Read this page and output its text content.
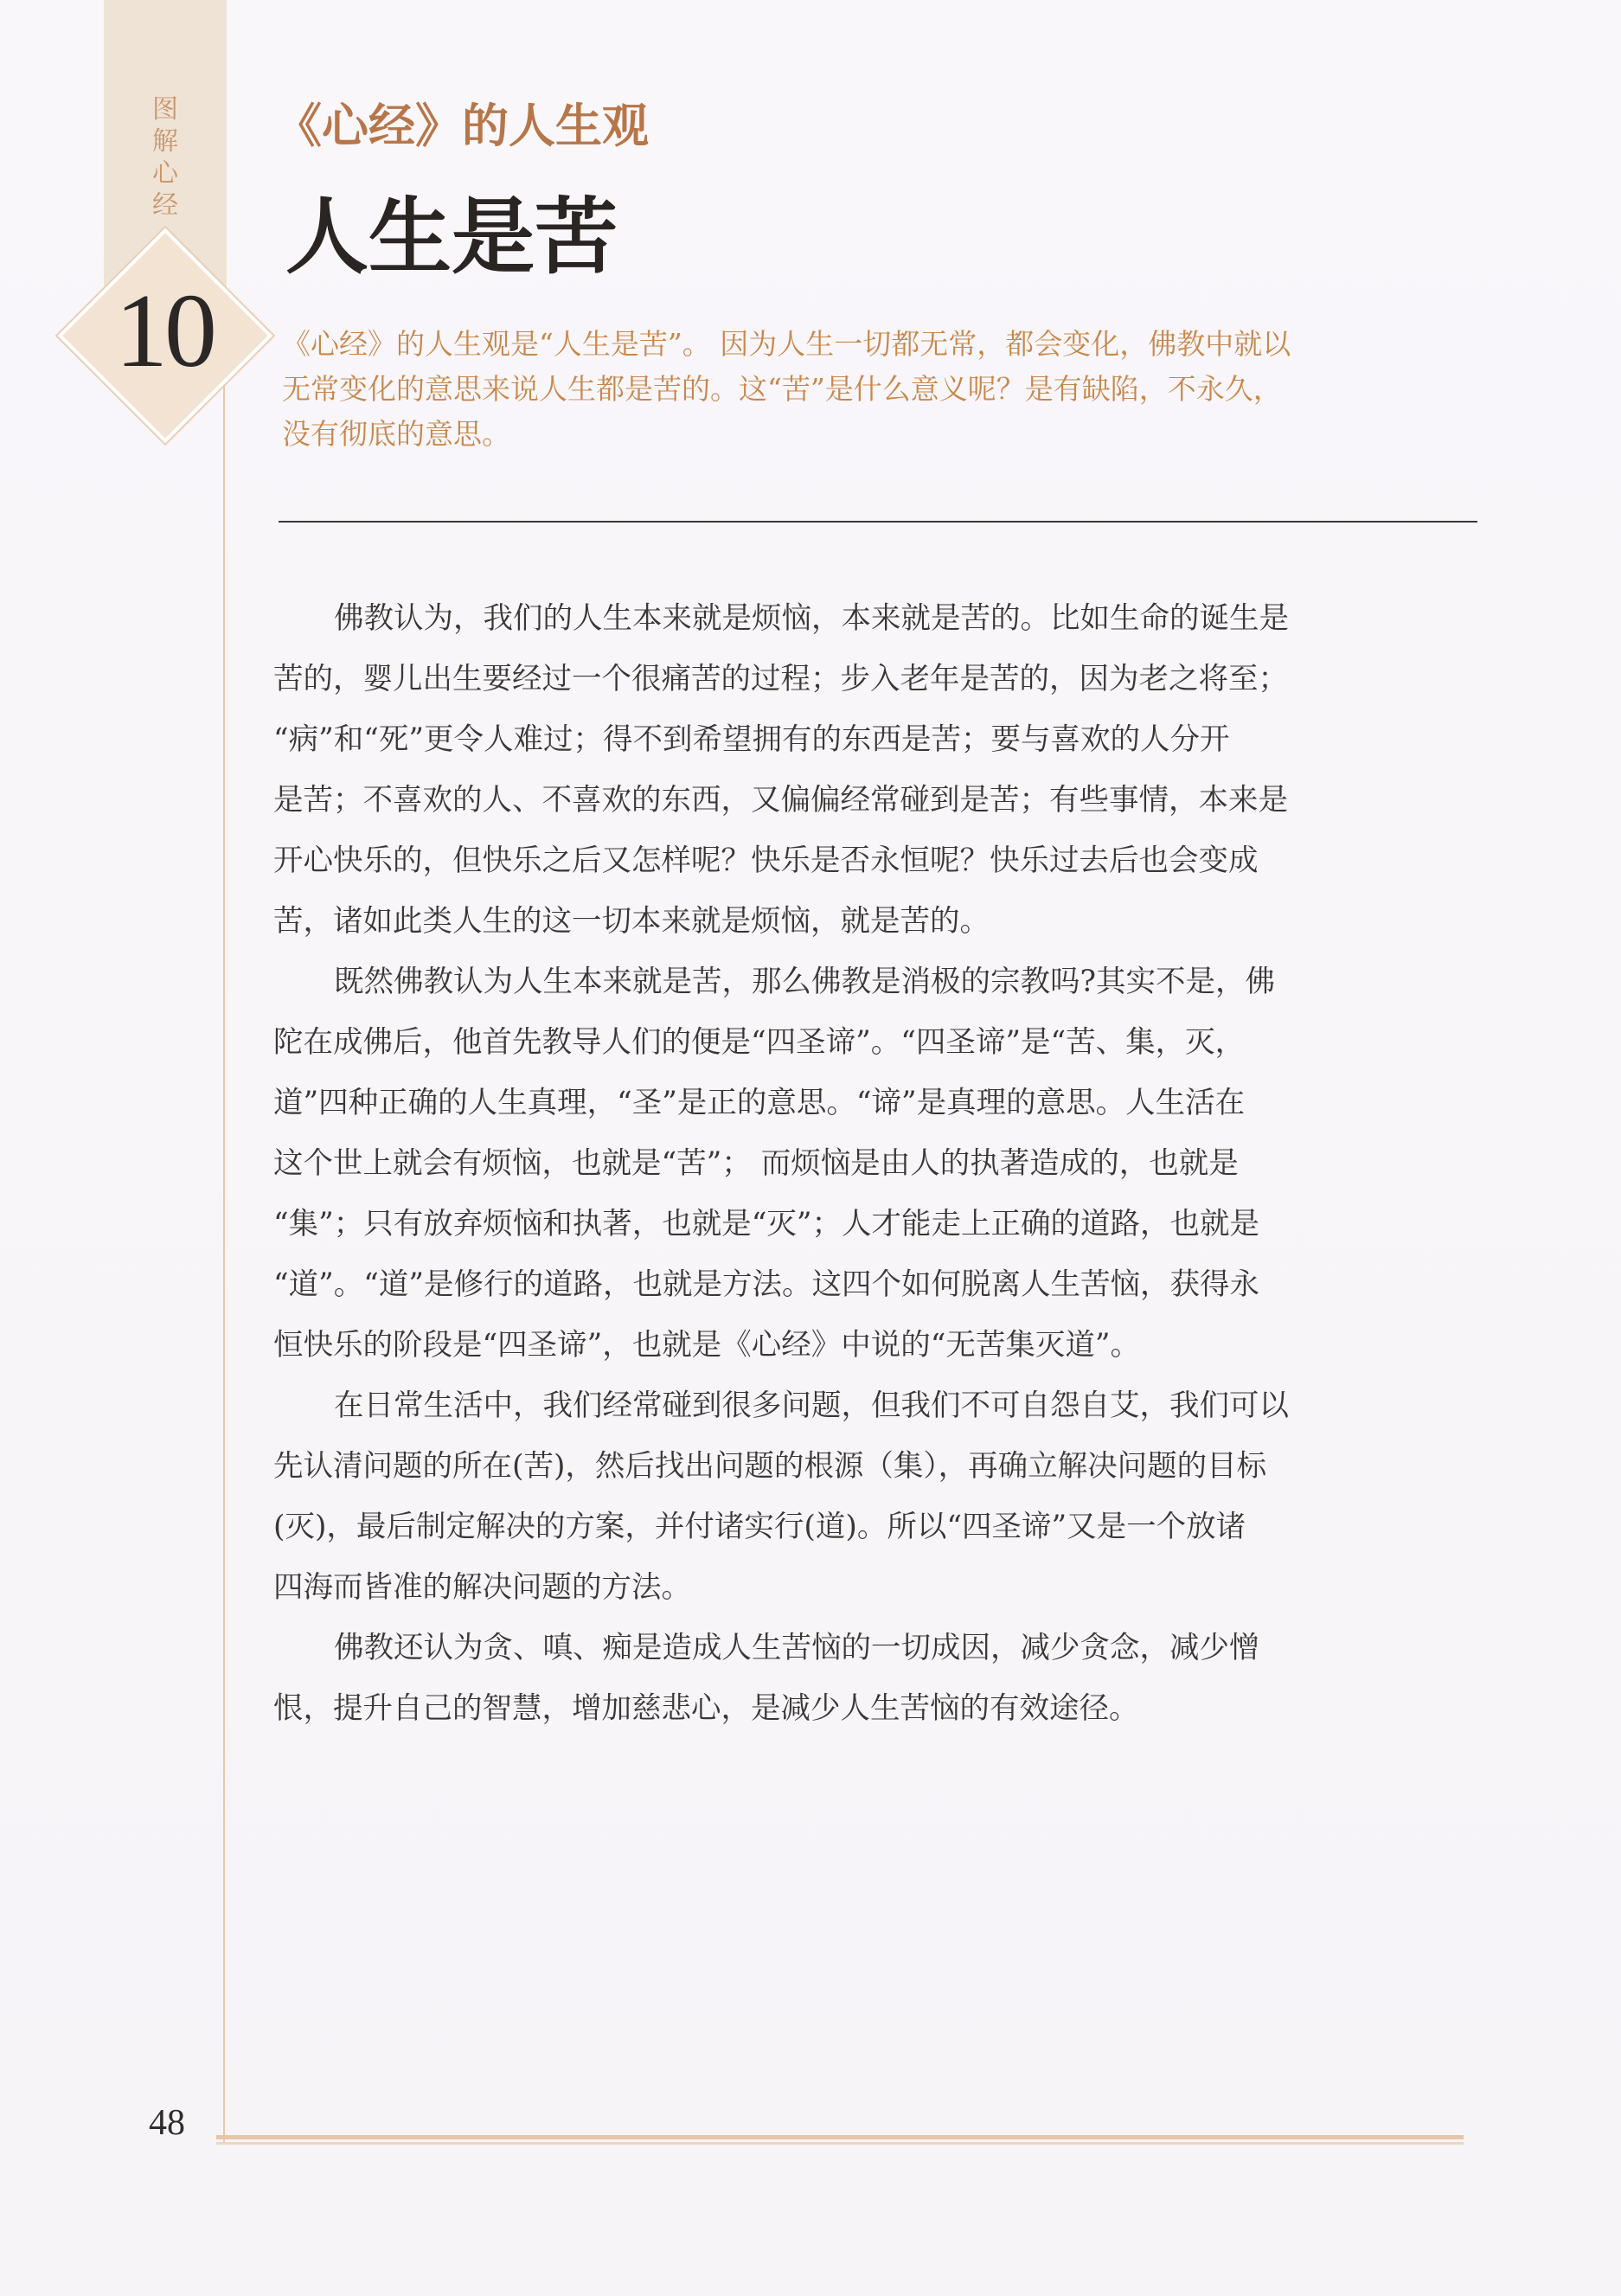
图
解
心
经
10
《心经》的人生观
人生是苦

《心经》的人生观是“人生是苦”。 因为人生一切都无常，都会变化，佛教中就以

无常变化的意思来说人生都是苦的。这“苦”是什么意义呢？是有缺陷，不永久，

没有彻底的意思。

佛教认为，我们的人生本来就是烦恼，本来就是苦的。比如生命的诞生是

苦的，婴儿出生要经过一个很痛苦的过程；步入老年是苦的，因为老之将至；

“病”和“死”更令人难过；得不到希望拥有的东西是苦；要与喜欢的人分开

是苦；不喜欢的人、不喜欢的东西，又偏偏经常碰到是苦；有些事情，本来是

开心快乐的，但快乐之后又怎样呢？快乐是否永恒呢？快乐过去后也会变成

苦，诸如此类人生的这一切本来就是烦恼，就是苦的。

既然佛教认为人生本来就是苦，那么佛教是消极的宗教吗?其实不是，佛

陀在成佛后，他首先教导人们的便是“四圣谛”。“四圣谛”是“苦、集，灭，

道”四种正确的人生真理，“圣”是正的意思。“谛”是真理的意思。人生活在

这个世上就会有烦恼，也就是“苦”； 而烦恼是由人的执著造成的，也就是

“集”；只有放弃烦恼和执著，也就是“灭”；人才能走上正确的道路，也就是

“道”。“道”是修行的道路，也就是方法。这四个如何脱离人生苦恼，获得永

恒快乐的阶段是“四圣谛”，也就是《心经》中说的“无苦集灭道”。

在日常生活中，我们经常碰到很多问题，但我们不可自怨自艾，我们可以

先认清问题的所在(苦)，然后找出问题的根源（集），再确立解决问题的目标

(灭)，最后制定解决的方案，并付诸实行(道)。所以“四圣谛”又是一个放诸

四海而皆准的解决问题的方法。

佛教还认为贪、嗔、痴是造成人生苦恼的一切成因，减少贪念，减少憎

恨，提升自己的智慧，增加慈悲心，是减少人生苦恼的有效途径。

48
